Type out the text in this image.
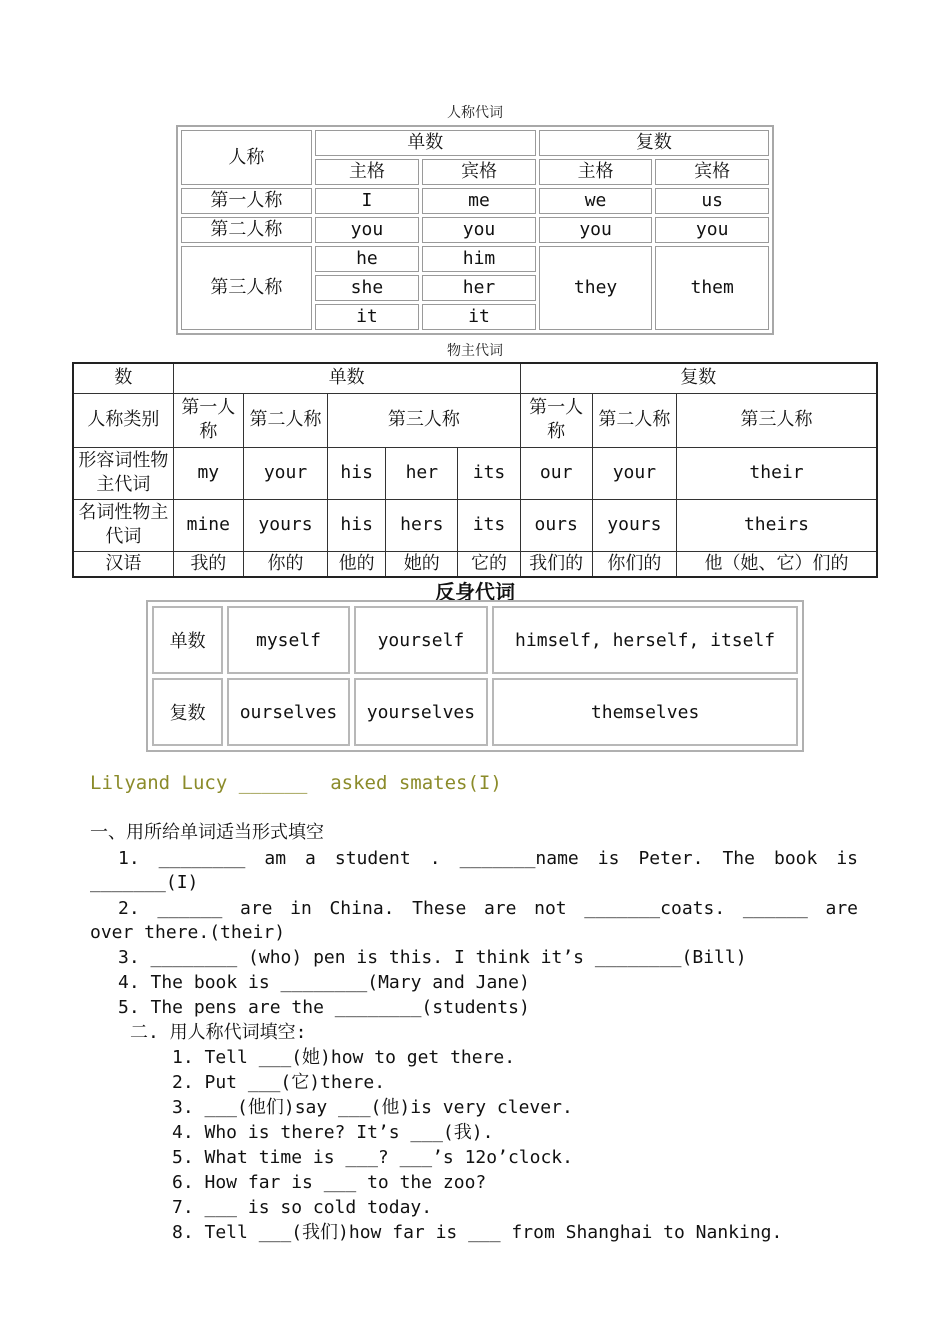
人称代词
人称	单数		复数	
	主格	宾格	主格	宾格
第一人称	I	me	we	us
第二人称	you	you	you	you
第三人称	he	him	they	them
	she	her		
	it	it		
物主代词
数	单数					复数		
人称类别	第一人称	第二人称	第三人称			第一人称	第二人称	第三人称
形容词性物主代词	my	your	his	her	its	our	your	their
名词性物主代词	mine	yours	his	hers	its	ours	yours	theirs
汉语	我的	你的	他的	她的	它的	我们的	你们的	他（她、它）们的
反身代词
单数	myself	yourself	himself, herself, itself
复数	ourselves	yourselves	themselves
Lilyand Lucy ______  asked smates(I)
一、用所给单词适当形式填空
1. ________ am a student . _______name is Peter. The book is
_______(I)
2. ______ are in China. These are not _______coats. ______ are
over there.(their)
3. ________ (who) pen is this. I think it’s ________(Bill)
4. The book is ________(Mary and Jane)
5. The pens are the ________(students)
二. 用人称代词填空:
1. Tell ___(她)how to get there.
2. Put ___(它)there.
3. ___(他们)say ___(他)is very clever.
4. Who is there? It’s ___(我).
5. What time is ___? ___’s 12o’clock.
6. How far is ___ to the zoo?
7. ___ is so cold today.
8. Tell ___(我们)how far is ___ from Shanghai to Nanking.
